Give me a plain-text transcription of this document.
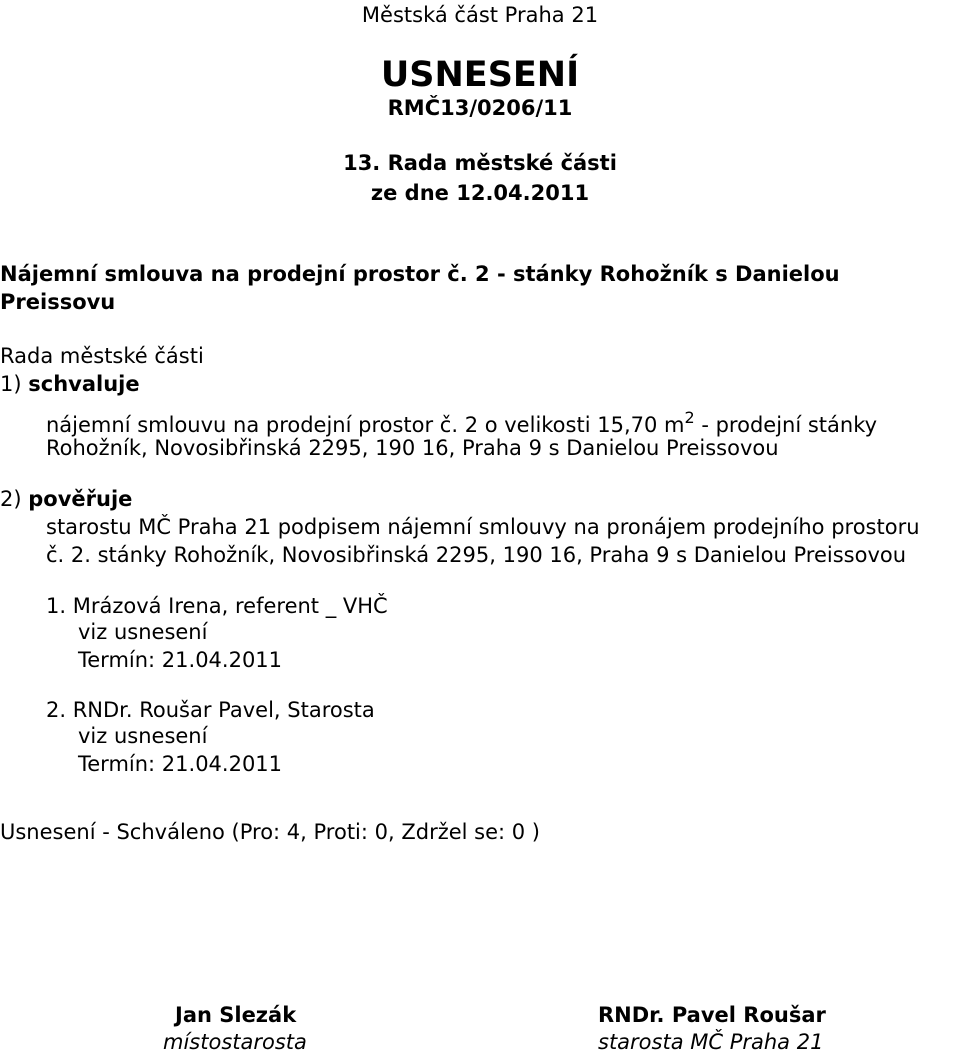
Městská část Praha 21
USNESENÍ
RMČ13/0206/11
13. Rada městské části
ze dne 12.04.2011
Nájemní smlouva na prodejní prostor č. 2 - stánky Rohožník s Danielou
Preissovu
Rada městské části
1) schvaluje
nájemní smlouvu na prodejní prostor č. 2 o velikosti 15,70 $m^2$ - prodejní stánky
Rohožník, Novosibřinská 2295, 190 16, Praha 9 s Danielou Preissovou
2) pověřuje
starostu MČ Praha 21 podpisem nájemní smlouvy na pronájem prodejního prostoru
č. 2. stánky Rohožník, Novosibřinská 2295, 190 16, Praha 9 s Danielou Preissovou
1. Mrázová Irena, referent _ VHČ
viz usnesení
Termín: 21.04.2011
2. RNDr. Roušar Pavel, Starosta
viz usnesení
Termín: 21.04.2011
Usnesení - Schváleno (Pro: 4, Proti: 0, Zdržel se: 0 )
Jan Slezák
místostarosta
RNDr. Pavel Roušar
starosta MČ Praha 21
